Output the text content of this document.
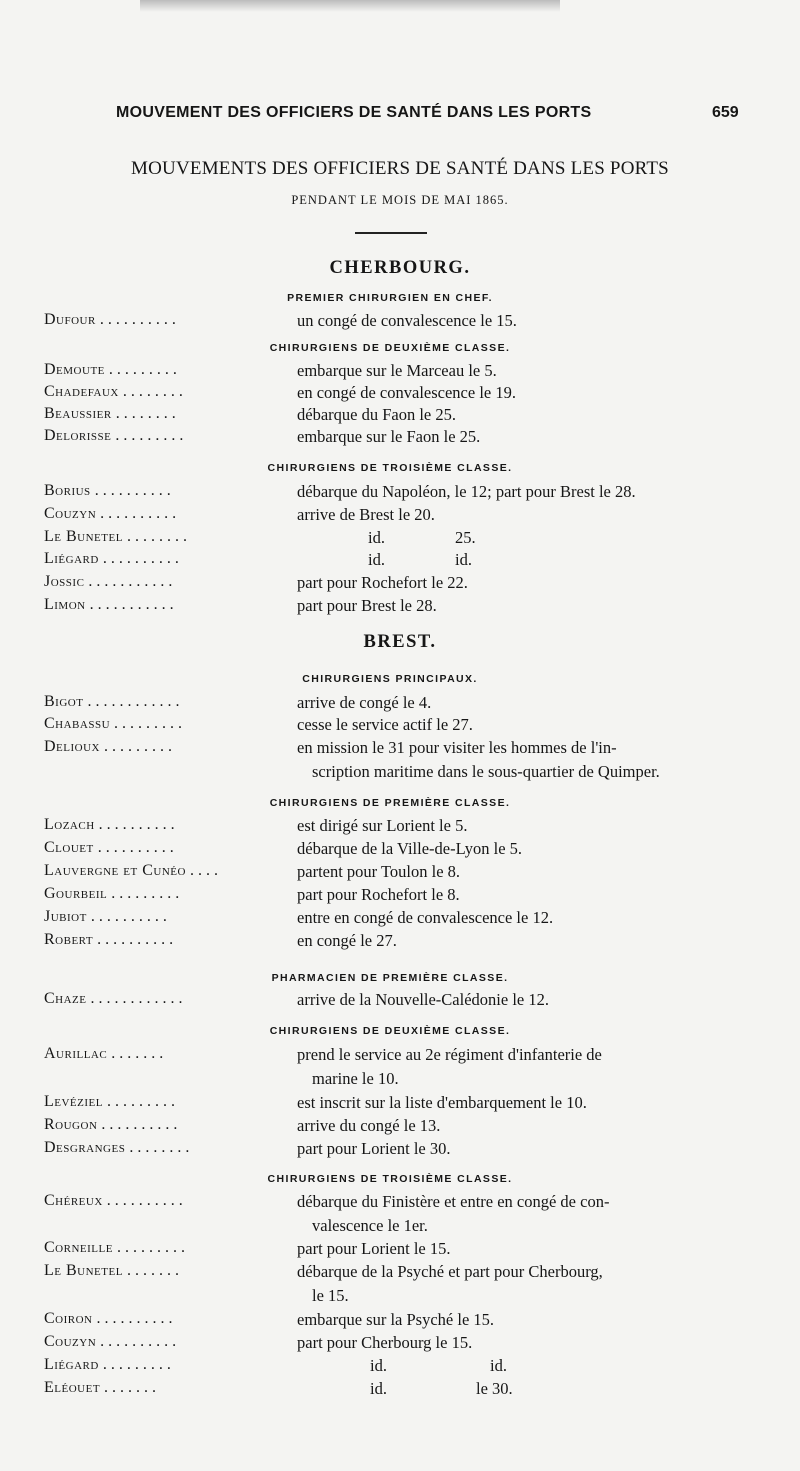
MOUVEMENT DES OFFICIERS DE SANTÉ DANS LES PORTS	659
MOUVEMENTS DES OFFICIERS DE SANTÉ DANS LES PORTS
PENDANT LE MOIS DE MAI 1865.
CHERBOURG.
PREMIER CHIRURGIEN EN CHEF.
Dufour . . . . . . . . . .	un congé de convalescence le 15.
CHIRURGIENS DE DEUXIÈME CLASSE.
Demoute . . . . . . . . .	embarque sur le Marceau le 5.
Chadefaux . . . . . . . .	en congé de convalescence le 19.
Beaussier . . . . . . . .	débarque du Faon le 25.
Delorisse . . . . . . . . .	embarque sur le Faon le 25.
CHIRURGIENS DE TROISIÈME CLASSE.
Borius . . . . . . . . . .	débarque du Napoléon, le 12; part pour Brest le 28.
Couzyn . . . . . . . . . .	arrive de Brest le 20.
Le Bunetel . . . . . . . .	id.	25.
Liégard . . . . . . . . . .	id.	id.
Jossic . . . . . . . . . . .	part pour Rochefort le 22.
Limon . . . . . . . . . . .	part pour Brest le 28.
BREST.
CHIRURGIENS PRINCIPAUX.
Bigot . . . . . . . . . . . .	arrive de congé le 4.
Chabassu . . . . . . . . .	cesse le service actif le 27.
Delioux . . . . . . . . .	en mission le 31 pour visiter les hommes de l'in-
scription maritime dans le sous-quartier de Quimper.
CHIRURGIENS DE PREMIÈRE CLASSE.
Lozach . . . . . . . . . .	est dirigé sur Lorient le 5.
Clouet . . . . . . . . . .	débarque de la Ville-de-Lyon le 5.
Lauvergne et Cunéo . . . .	partent pour Toulon le 8.
Gourbeil . . . . . . . . .	part pour Rochefort le 8.
Jubiot . . . . . . . . . .	entre en congé de convalescence le 12.
Robert . . . . . . . . . .	en congé le 27.
PHARMACIEN DE PREMIÈRE CLASSE.
Chaze . . . . . . . . . . . .	arrive de la Nouvelle-Calédonie le 12.
CHIRURGIENS DE DEUXIÈME CLASSE.
Aurillac . . . . . . .	prend le service au 2e régiment d'infanterie de
marine le 10.
Levéziel . . . . . . . . .	est inscrit sur la liste d'embarquement le 10.
Rougon . . . . . . . . . .	arrive du congé le 13.
Desgranges . . . . . . . .	part pour Lorient le 30.
CHIRURGIENS DE TROISIÈME CLASSE.
Chéreux . . . . . . . . . .	débarque du Finistère et entre en congé de con-
valescence le 1er.
Corneille . . . . . . . . .	part pour Lorient le 15.
Le Bunetel . . . . . . .	débarque de la Psyché et part pour Cherbourg,
le 15.
Coiron . . . . . . . . . .	embarque sur la Psyché le 15.
Couzyn . . . . . . . . . .	part pour Cherbourg le 15.
Liégard . . . . . . . . .	id.	id.
Eléouet . . . . . . .	id.	le 30.
